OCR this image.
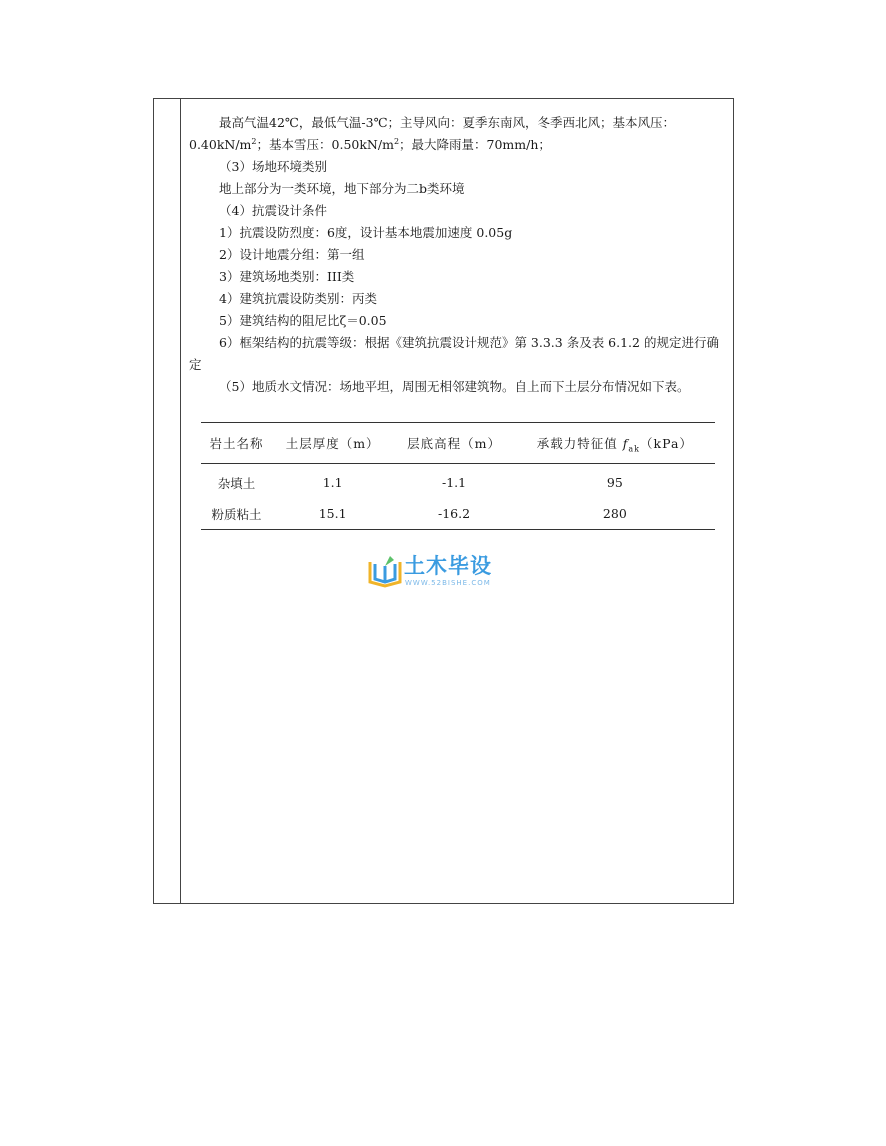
最高气温42℃，最低气温-3℃；主导风向：夏季东南风，冬季西北风；基本风压：
$0.40kN/m^2$；基本雪压：$0.50kN/m^2$；最大降雨量：70mm/h；
（3）场地环境类别
地上部分为一类环境，地下部分为二b类环境
（4）抗震设计条件
1）抗震设防烈度：6度，设计基本地震加速度 0.05g
2）设计地震分组：第一组
3）建筑场地类别：III类
4）建筑抗震设防类别：丙类
5）建筑结构的阻尼比ζ＝0.05
6）框架结构的抗震等级：根据《建筑抗震设计规范》第 3.3.3 条及表 6.1.2 的规定进行确定
（5）地质水文情况：场地平坦，周围无相邻建筑物。自上而下土层分布情况如下表。
岩土名称	土层厚度（m）	层底高程（m）	承载力特征值 $f_{ak}(kPa)$
杂填土	1.1	-1.1	95
粉质粘土	15.1	-16.2	280
土木毕设
WWW.52BISHE.COM
